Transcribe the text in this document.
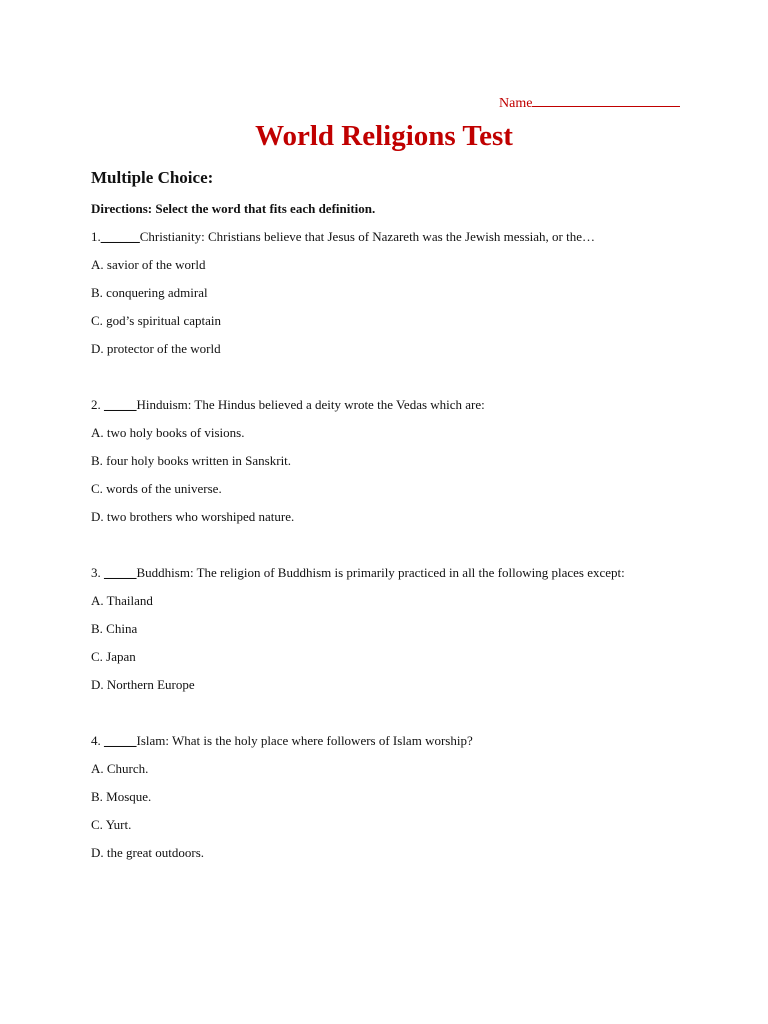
Name
World Religions Test
Multiple Choice:
Directions: Select the word that fits each definition.
1.______Christianity: Christians believe that Jesus of Nazareth was the Jewish messiah, or the…
A. savior of the world
B. conquering admiral
C. god’s spiritual captain
D. protector of the world
2. _____Hinduism: The Hindus believed a deity wrote the Vedas which are:
A. two holy books of visions.
B. four holy books written in Sanskrit.
C. words of the universe.
D. two brothers who worshiped nature.
3. _____Buddhism: The religion of Buddhism is primarily practiced in all the following places except:
A. Thailand
B. China
C. Japan
D. Northern Europe
4. _____Islam: What is the holy place where followers of Islam worship?
A. Church.
B. Mosque.
C. Yurt.
D. the great outdoors.
